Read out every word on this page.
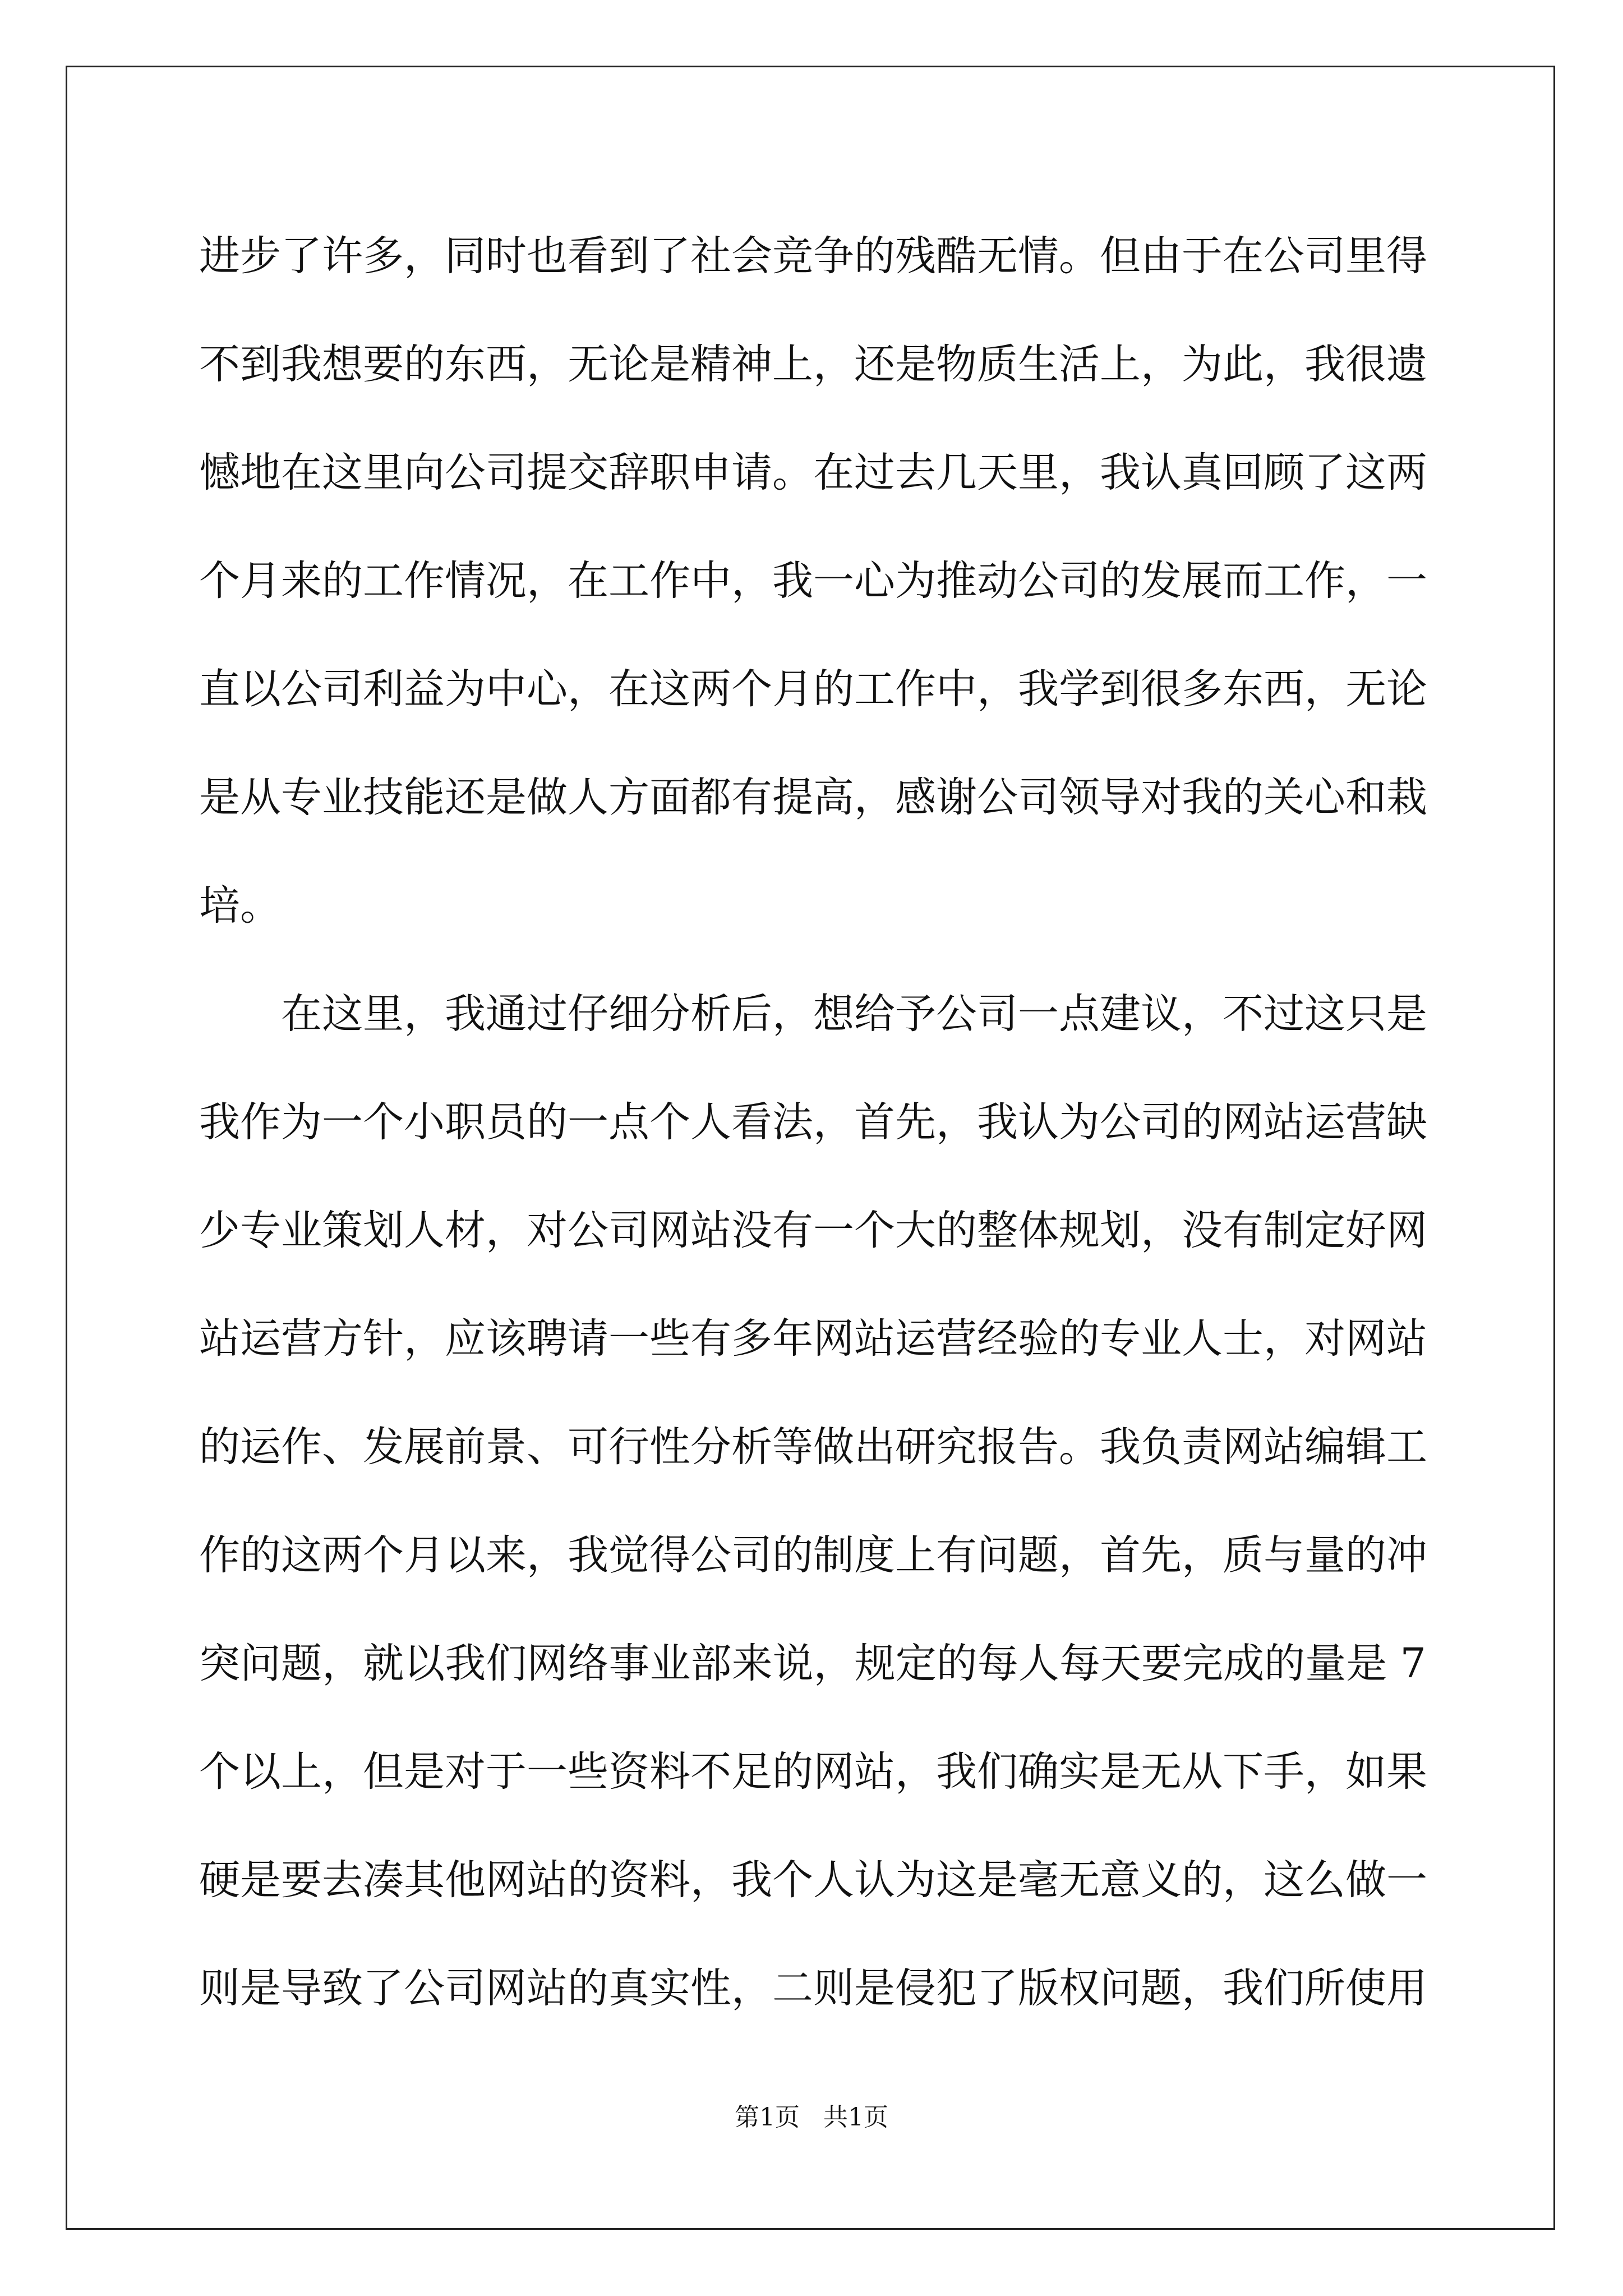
进步了许多，同时也看到了社会竞争的残酷无情。但由于在公司里得
不到我想要的东西，无论是精神上，还是物质生活上，为此，我很遗
憾地在这里向公司提交辞职申请。在过去几天里，我认真回顾了这两
个月来的工作情况，在工作中，我一心为推动公司的发展而工作，一
直以公司利益为中心，在这两个月的工作中，我学到很多东西，无论
是从专业技能还是做人方面都有提高，感谢公司领导对我的关心和栽
培。
在这里，我通过仔细分析后，想给予公司一点建议，不过这只是
我作为一个小职员的一点个人看法，首先，我认为公司的网站运营缺
少专业策划人材，对公司网站没有一个大的整体规划，没有制定好网
站运营方针，应该聘请一些有多年网站运营经验的专业人士，对网站
的运作、发展前景、可行性分析等做出研究报告。我负责网站编辑工
作的这两个月以来，我觉得公司的制度上有问题，首先，质与量的冲
突问题，就以我们网络事业部来说，规定的每人每天要完成的量是 7
个以上，但是对于一些资料不足的网站，我们确实是无从下手，如果
硬是要去凑其他网站的资料，我个人认为这是毫无意义的，这么做一
则是导致了公司网站的真实性，二则是侵犯了版权问题，我们所使用
第1页   共1页
